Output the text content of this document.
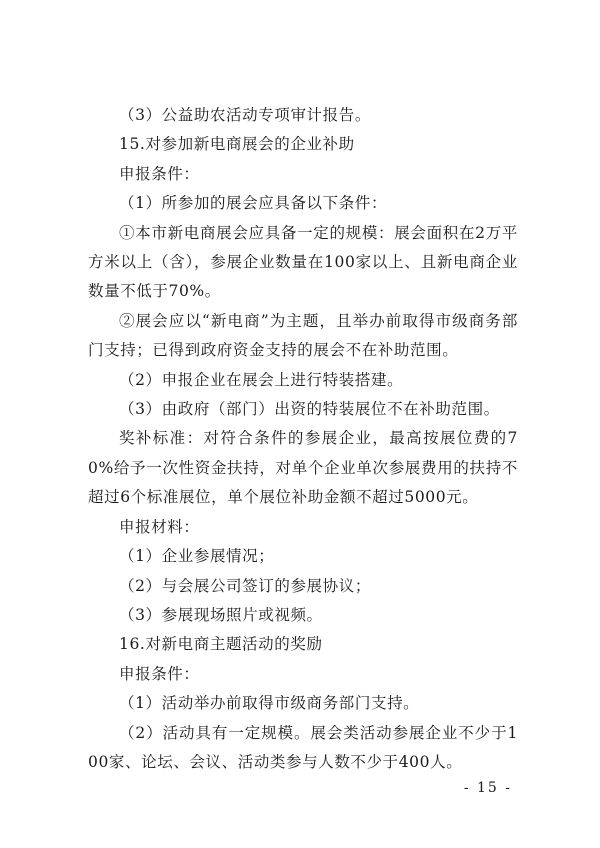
（3）公益助农活动专项审计报告。

15.对参加新电商展会的企业补助

申报条件：

（1）所参加的展会应具备以下条件：

①本市新电商展会应具备一定的规模：展会面积在2万平方米以上（含），参展企业数量在100家以上、且新电商企业数量不低于70%。

②展会应以“新电商”为主题，且举办前取得市级商务部门支持；已得到政府资金支持的展会不在补助范围。

（2）申报企业在展会上进行特装搭建。

（3）由政府（部门）出资的特装展位不在补助范围。

奖补标准：对符合条件的参展企业，最高按展位费的70%给予一次性资金扶持，对单个企业单次参展费用的扶持不超过6个标准展位，单个展位补助金额不超过5000元。

申报材料：

（1）企业参展情况；

（2）与会展公司签订的参展协议；

（3）参展现场照片或视频。

16.对新电商主题活动的奖励

申报条件：

（1）活动举办前取得市级商务部门支持。

（2）活动具有一定规模。展会类活动参展企业不少于100家、论坛、会议、活动类参与人数不少于400人。

- 15 -
